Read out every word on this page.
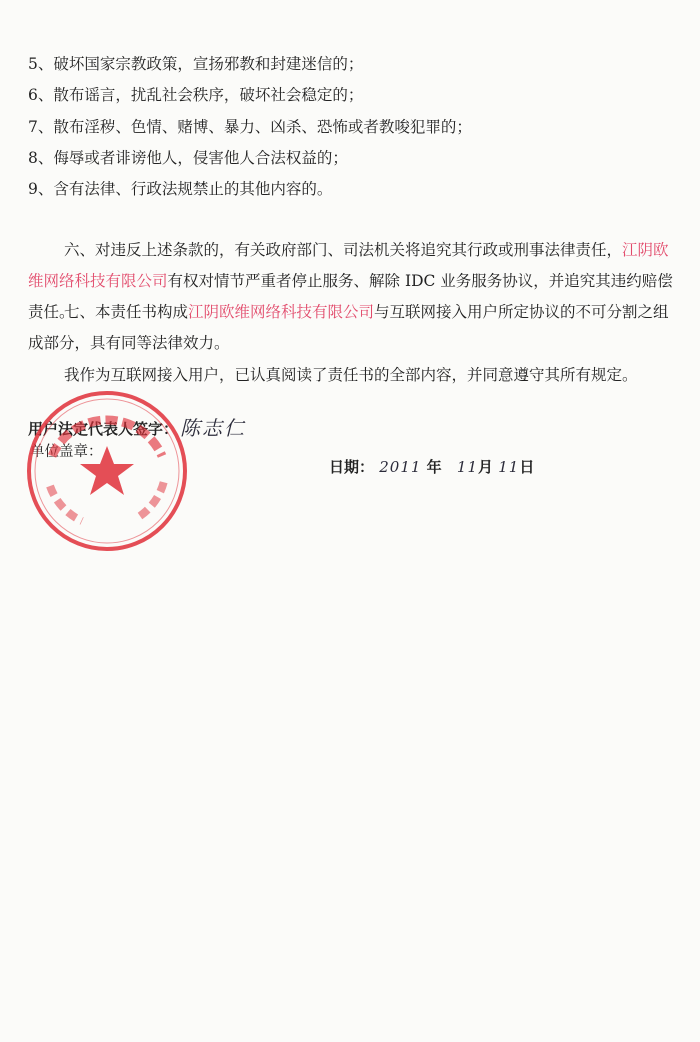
5、破坏国家宗教政策，宣扬邪教和封建迷信的；
6、散布谣言，扰乱社会秩序，破坏社会稳定的；
7、散布淫秽、色情、赌博、暴力、凶杀、恐怖或者教唆犯罪的；
8、侮辱或者诽谤他人，侵害他人合法权益的；
9、含有法律、行政法规禁止的其他内容的。
六、对违反上述条款的，有关政府部门、司法机关将追究其行政或刑事法律责任，江阴欧维网络科技有限公司有权对情节严重者停止服务、解除 IDC 业务服务协议，并追究其违约赔偿责任。
七、本责任书构成江阴欧维网络科技有限公司与互联网接入用户所定协议的不可分割之组成部分，具有同等法律效力。
我作为互联网接入用户，已认真阅读了责任书的全部内容，并同意遵守其所有规定。
用户法定代表人签字： 陈志仁
单位盖章：
日期： 2011 年 11月 11日
